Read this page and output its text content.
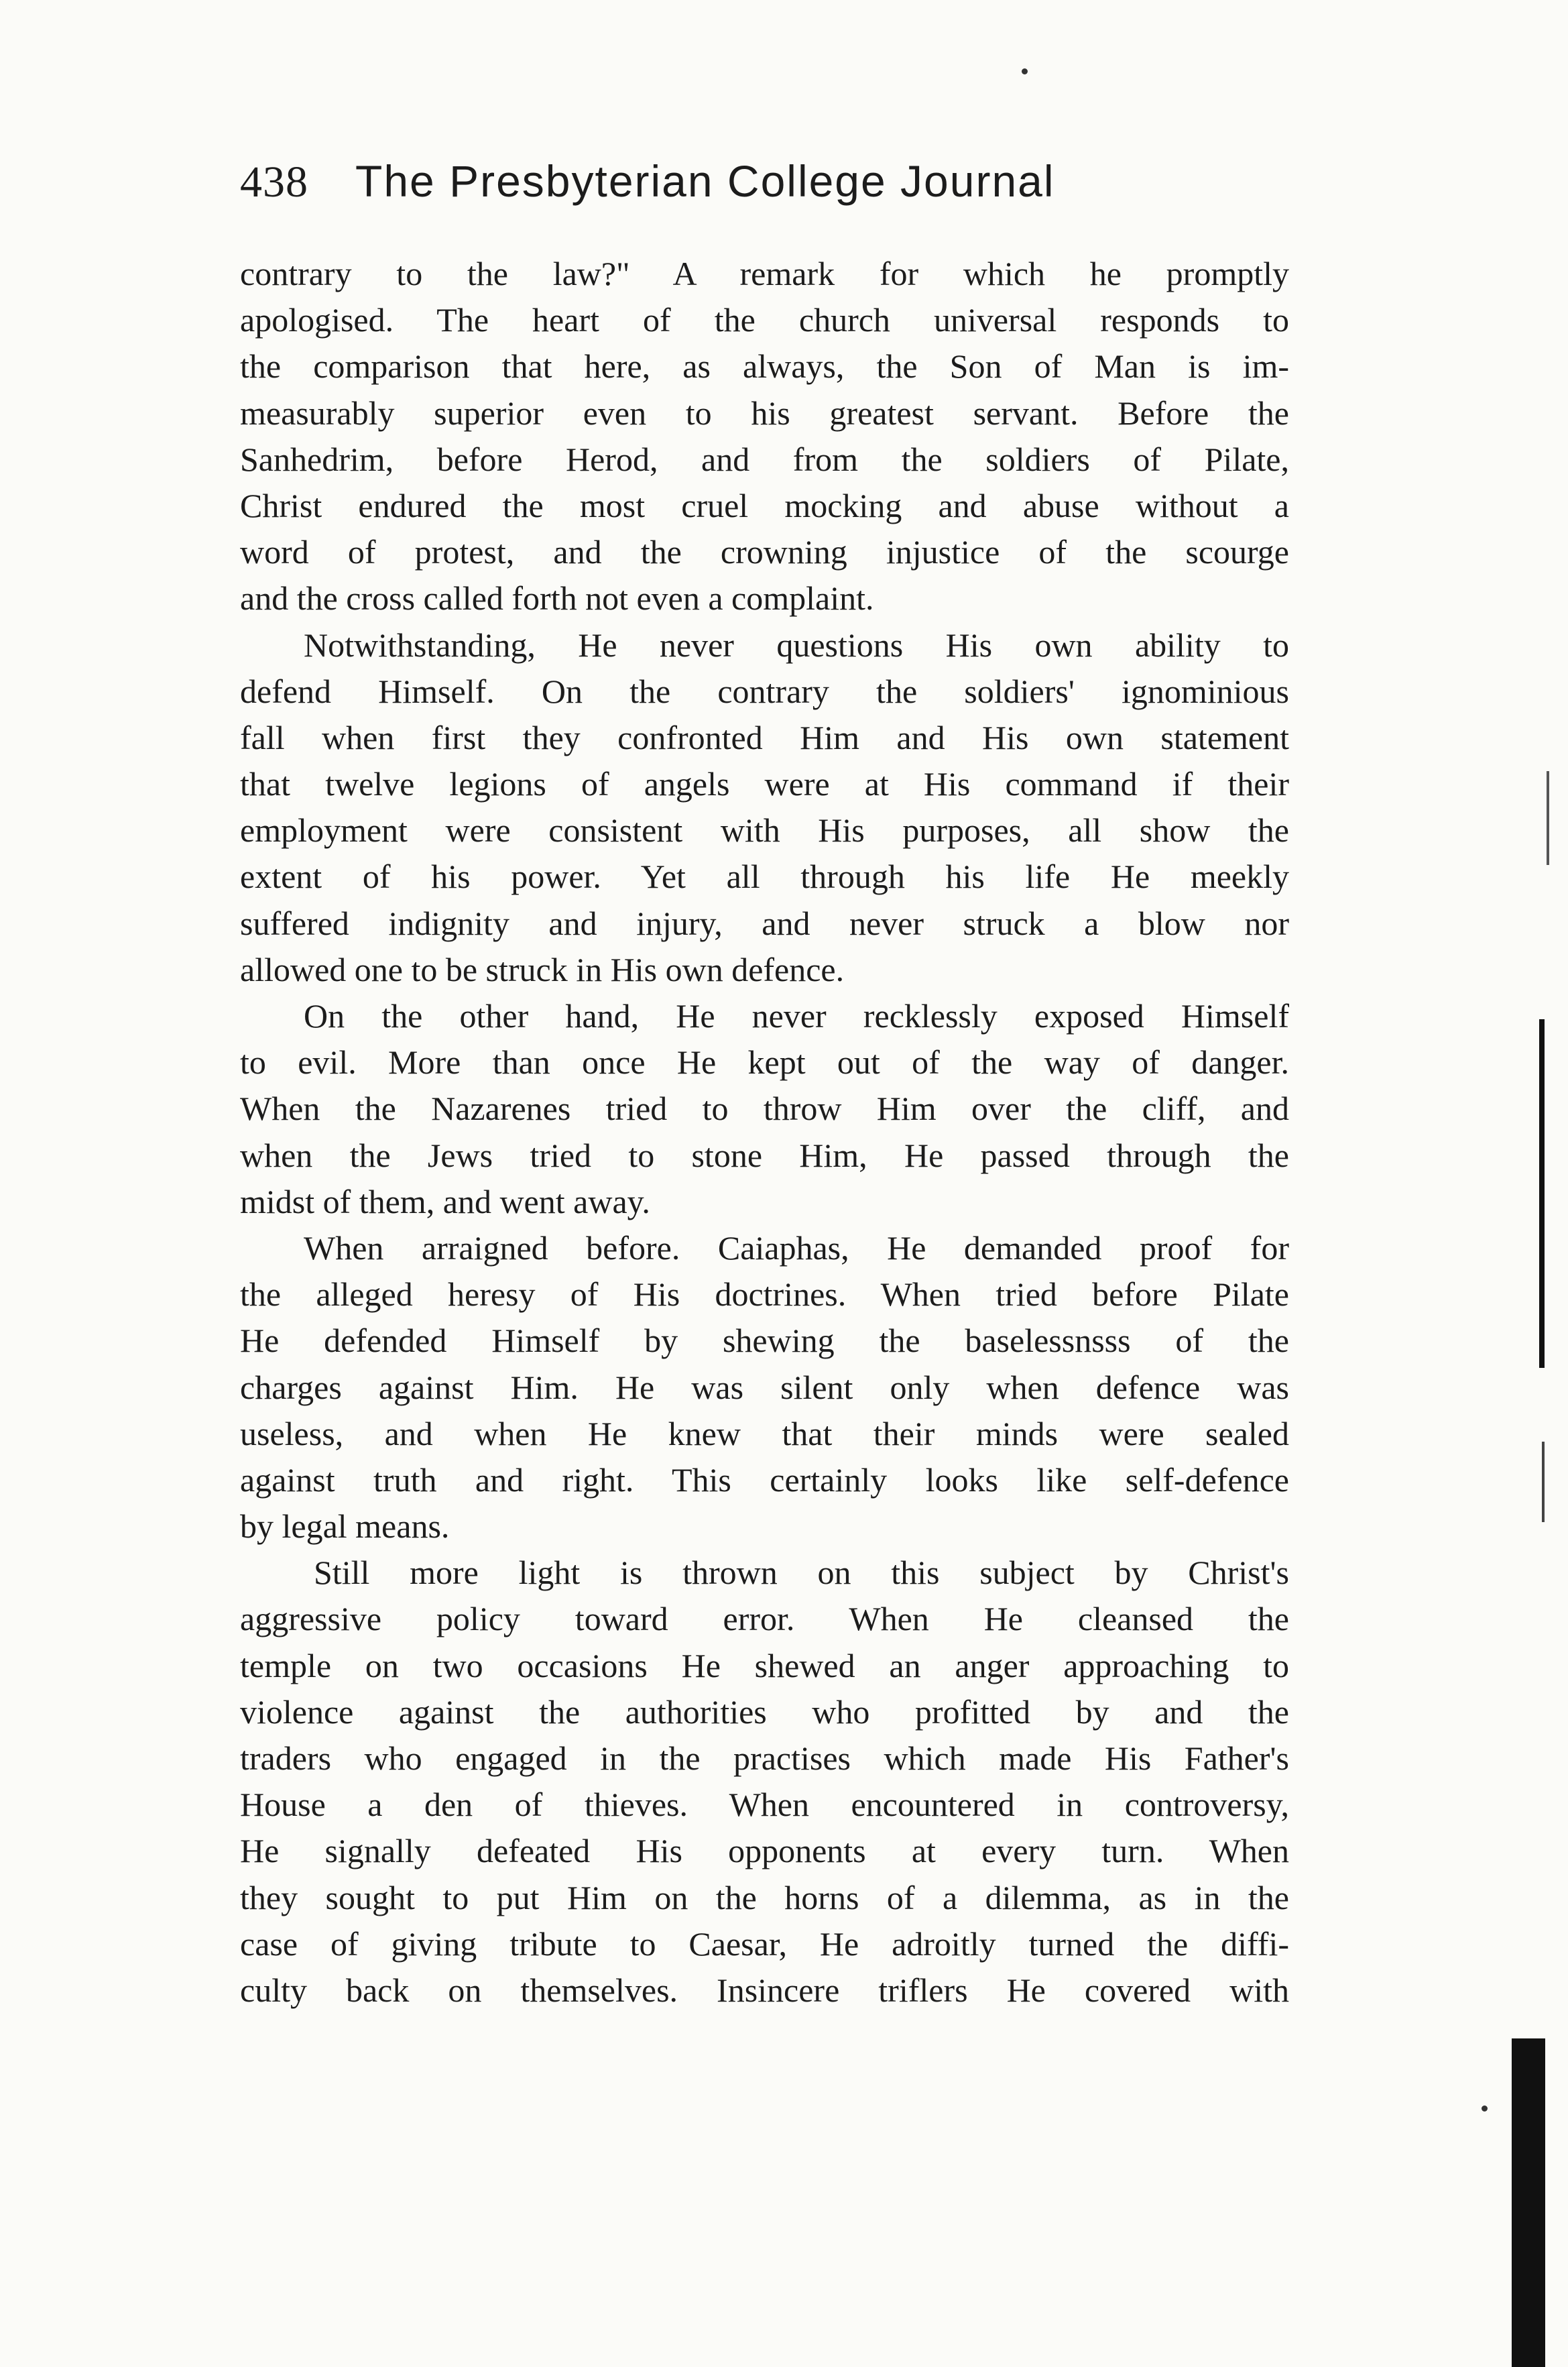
438 The Presbyterian College Journal
contrary to the law?" A remark for which he promptly
apologised. The heart of the church universal responds to
the comparison that here, as always, the Son of Man is im-
measurably superior even to his greatest servant. Before the
Sanhedrim, before Herod, and from the soldiers of Pilate,
Christ endured the most cruel mocking and abuse without a
word of protest, and the crowning injustice of the scourge
and the cross called forth not even a complaint.
Notwithstanding, He never questions His own ability to
defend Himself. On the contrary the soldiers' ignominious
fall when first they confronted Him and His own statement
that twelve legions of angels were at His command if their
employment were consistent with His purposes, all show the
extent of his power. Yet all through his life He meekly
suffered indignity and injury, and never struck a blow nor
allowed one to be struck in His own defence.
On the other hand, He never recklessly exposed Himself
to evil. More than once He kept out of the way of danger.
When the Nazarenes tried to throw Him over the cliff, and
when the Jews tried to stone Him, He passed through the
midst of them, and went away.
When arraigned before. Caiaphas, He demanded proof for
the alleged heresy of His doctrines. When tried before Pilate
He defended Himself by shewing the baselessnsss of the
charges against Him. He was silent only when defence was
useless, and when He knew that their minds were sealed
against truth and right. This certainly looks like self-defence
by legal means.
Still more light is thrown on this subject by Christ's
aggressive policy toward error. When He cleansed the
temple on two occasions He shewed an anger approaching to
violence against the authorities who profitted by and the
traders who engaged in the practises which made His Father's
House a den of thieves. When encountered in controversy,
He signally defeated His opponents at every turn. When
they sought to put Him on the horns of a dilemma, as in the
case of giving tribute to Caesar, He adroitly turned the diffi-
culty back on themselves. Insincere triflers He covered with
